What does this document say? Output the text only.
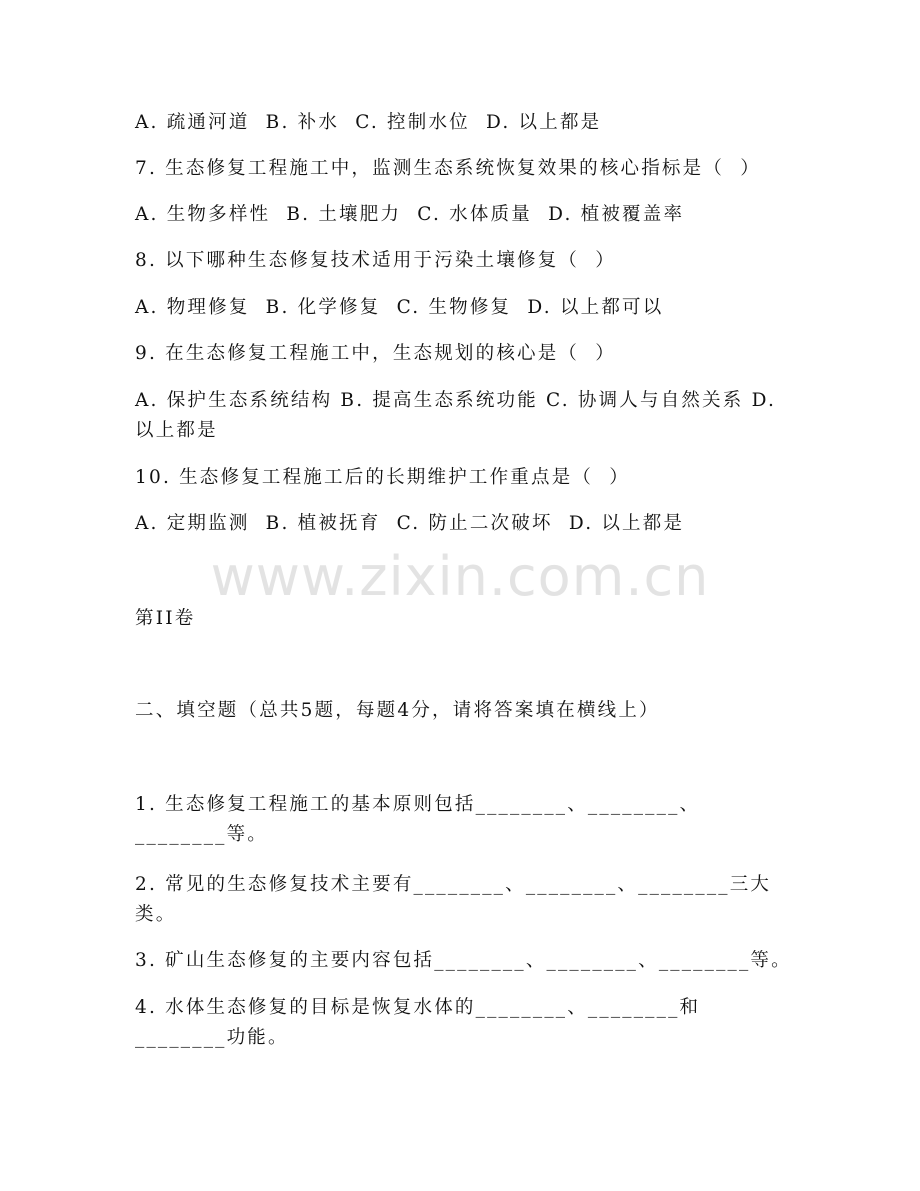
A. 疏通河道  B. 补水  C. 控制水位  D. 以上都是
7. 生态修复工程施工中，监测生态系统恢复效果的核心指标是（  ）
A. 生物多样性  B. 土壤肥力  C. 水体质量  D. 植被覆盖率
8. 以下哪种生态修复技术适用于污染土壤修复（  ）
A. 物理修复  B. 化学修复  C. 生物修复  D. 以上都可以
9. 在生态修复工程施工中，生态规划的核心是（  ）
A. 保护生态系统结构 B. 提高生态系统功能 C. 协调人与自然关系 D. 以上都是
10. 生态修复工程施工后的长期维护工作重点是（  ）
A. 定期监测  B. 植被抚育  C. 防止二次破坏  D. 以上都是
www.zixin.com.cn
第II卷
二、填空题（总共5题，每题4分，请将答案填在横线上）
1. 生态修复工程施工的基本原则包括________、________、________等。
2. 常见的生态修复技术主要有________、________、________三大类。
3. 矿山生态修复的主要内容包括________、________、________等。
4. 水体生态修复的目标是恢复水体的________、________和________功能。
